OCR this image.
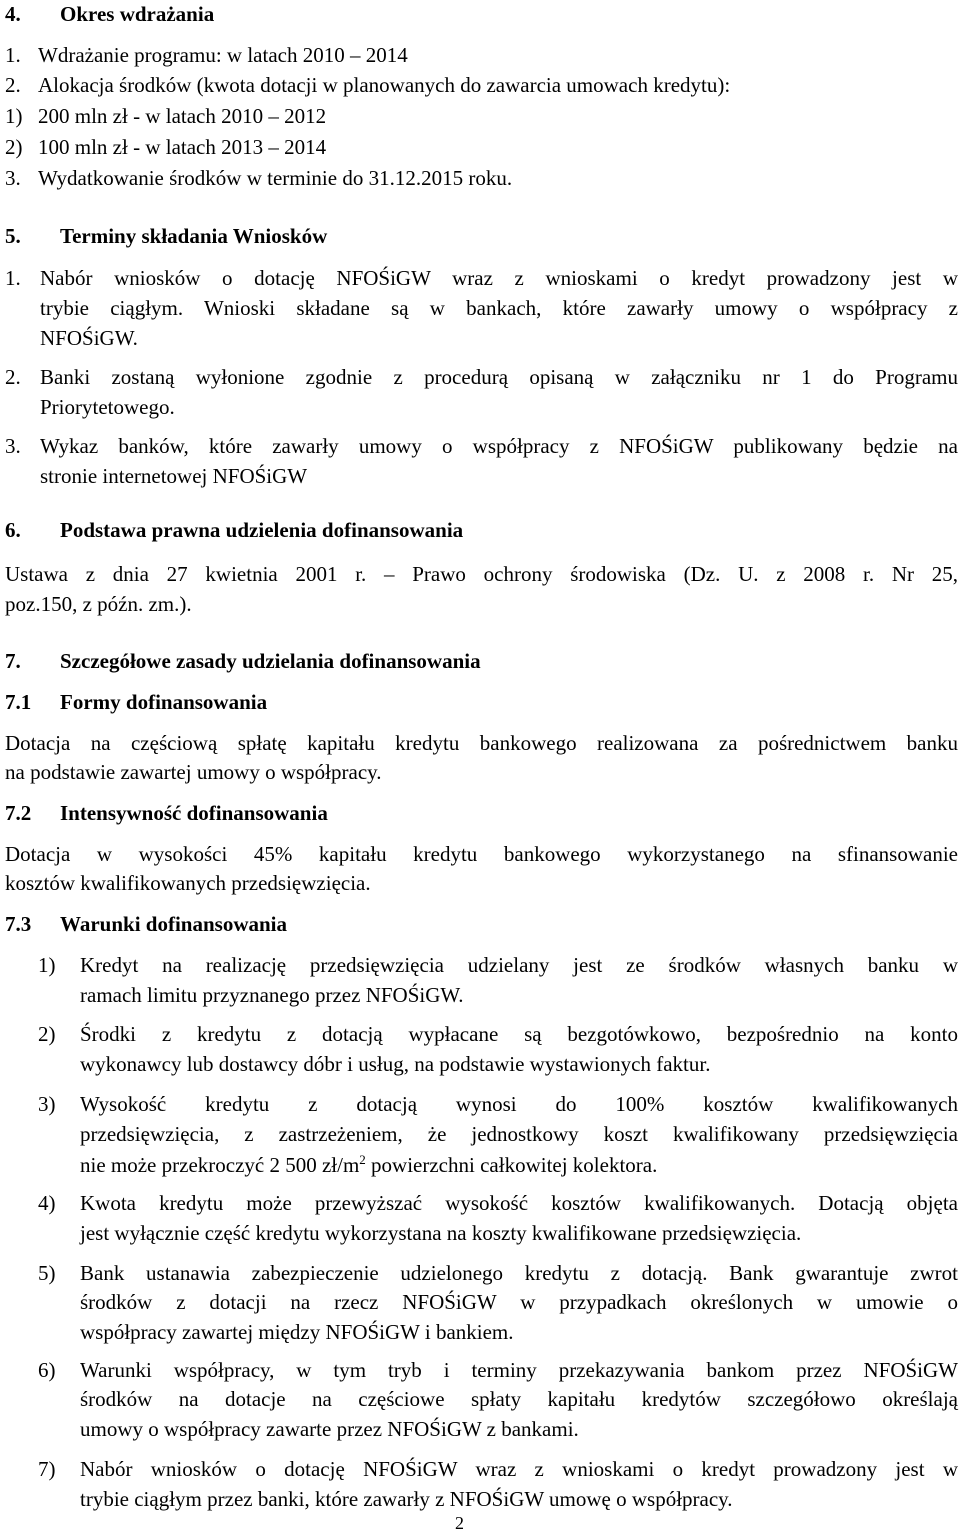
4. Okres wdrażania
1. Wdrażanie programu: w latach 2010 – 2014
2. Alokacja środków (kwota dotacji w planowanych do zawarcia umowach kredytu):
1) 200 mln zł - w latach 2010 – 2012
2) 100 mln zł - w latach 2013 – 2014
3. Wydatkowanie środków w terminie do 31.12.2015 roku.
5. Terminy składania Wniosków
1. Nabór wniosków o dotację NFOŚiGW wraz z wnioskami o kredyt prowadzony jest w
trybie ciągłym. Wnioski składane są w bankach, które zawarły umowy o współpracy z
NFOŚiGW.
2. Banki zostaną wyłonione zgodnie z procedurą opisaną w załączniku nr 1 do Programu
Priorytetowego.
3. Wykaz banków, które zawarły umowy o współpracy z NFOŚiGW publikowany będzie na
stronie internetowej NFOŚiGW
6. Podstawa prawna udzielenia dofinansowania
Ustawa z dnia 27 kwietnia 2001 r. – Prawo ochrony środowiska (Dz. U. z 2008 r. Nr 25,
poz.150, z późn. zm.).
7. Szczegółowe zasady udzielania dofinansowania
7.1 Formy dofinansowania
Dotacja na częściową spłatę kapitału kredytu bankowego realizowana za pośrednictwem banku
na podstawie zawartej umowy o współpracy.
7.2 Intensywność dofinansowania
Dotacja w wysokości 45% kapitału kredytu bankowego wykorzystanego na sfinansowanie
kosztów kwalifikowanych przedsięwzięcia.
7.3 Warunki dofinansowania
1) Kredyt na realizację przedsięwzięcia udzielany jest ze środków własnych banku w
ramach limitu przyznanego przez NFOŚiGW.
2) Środki z kredytu z dotacją wypłacane są bezgotówkowo, bezpośrednio na konto
wykonawcy lub dostawcy dóbr i usług, na podstawie wystawionych faktur.
3) Wysokość kredytu z dotacją wynosi do 100% kosztów kwalifikowanych
przedsięwzięcia, z zastrzeżeniem, że jednostkowy koszt kwalifikowany przedsięwzięcia
nie może przekroczyć 2 500 $zł/m^2$ powierzchni całkowitej kolektora.
4) Kwota kredytu może przewyższać wysokość kosztów kwalifikowanych. Dotacją objęta
jest wyłącznie część kredytu wykorzystana na koszty kwalifikowane przedsięwzięcia.
5) Bank ustanawia zabezpieczenie udzielonego kredytu z dotacją. Bank gwarantuje zwrot
środków z dotacji na rzecz NFOŚiGW w przypadkach określonych w umowie o
współpracy zawartej między NFOŚiGW i bankiem.
6) Warunki współpracy, w tym tryb i terminy przekazywania bankom przez NFOŚiGW
środków na dotacje na częściowe spłaty kapitału kredytów szczegółowo określają
umowy o współpracy zawarte przez NFOŚiGW z bankami.
7) Nabór wniosków o dotację NFOŚiGW wraz z wnioskami o kredyt prowadzony jest w
trybie ciągłym przez banki, które zawarły z NFOŚiGW umowę o współpracy.
2
